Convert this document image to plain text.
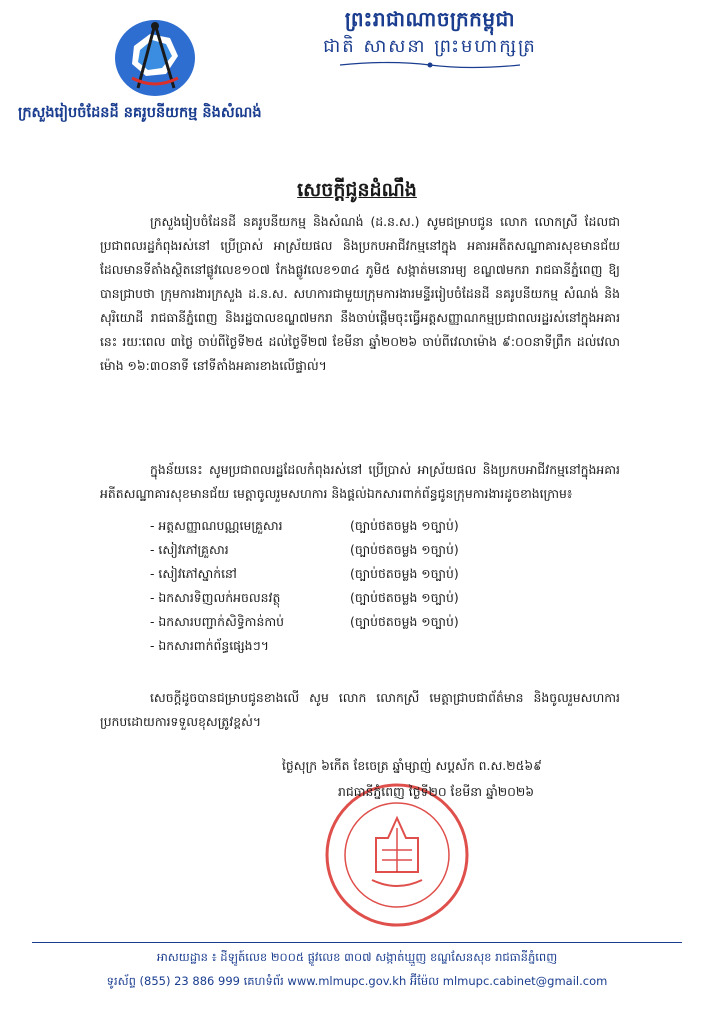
ព្រះរាជាណាចក្រកម្ពុជា
ជាតិ សាសនា ព្រះមហាក្សត្រ
ក្រសួងរៀបចំដែនដី នគរូបនីយកម្ម និងសំណង់
សេចក្តីជូនដំណឹង
ក្រសួងរៀបចំដែនដី នគរូបនីយកម្ម និងសំណង់ (ដ.ន.ស.) សូមជម្រាបជូន លោក លោកស្រី ដែលជាប្រជាពលរដ្ឋកំពុងរស់នៅ ប្រើប្រាស់ អាស្រ័យផល និងប្រកបអាជីវកម្មនៅក្នុង អគារអតីតសណ្ឋាគារសុខមានជ័យ ដែលមានទីតាំងស្ថិតនៅផ្លូវលេខ១០៧ កែងផ្លូវលេខ១៣៤ ភូមិ៥ សង្កាត់មនោរម្យ ខណ្ឌ៧មករា រាជធានីភ្នំពេញ ឱ្យបានជ្រាបថា ក្រុមការងារក្រសួង ដ.ន.ស. សហការជាមួយក្រុមការងារមន្ទីររៀបចំដែនដី នគរូបនីយកម្ម សំណង់ និងសុរិយោដី រាជធានីភ្នំពេញ និងរដ្ឋបាលខណ្ឌ៧មករា នឹងចាប់ផ្តើមចុះធ្វើអត្តសញ្ញាណកម្មប្រជាពលរដ្ឋរស់នៅក្នុងអគារនេះ រយៈពេល ៣ថ្ងៃ ចាប់ពីថ្ងៃទី២៥ ដល់ថ្ងៃទី២៧ ខែមីនា ឆ្នាំ២០២៦ ចាប់ពីវេលាម៉ោង ៩:០០នាទីព្រឹក ដល់វេលាម៉ោង ១៦:៣០នាទី នៅទីតាំងអគារខាងលើផ្ទាល់។
ក្នុងន័យនេះ សូមប្រជាពលរដ្ឋដែលកំពុងរស់នៅ ប្រើប្រាស់ អាស្រ័យផល និងប្រកបអាជីវកម្មនៅក្នុងអគារអតីតសណ្ឋាគារសុខមានជ័យ មេត្តាចូលរួមសហការ និងផ្តល់ឯកសារពាក់ព័ន្ធជូនក្រុមការងារដូចខាងក្រោម៖
- អត្តសញ្ញាណបណ្ណមេគ្រួសារ	(ច្បាប់ថតចម្លង ១ច្បាប់)
- សៀវភៅគ្រួសារ	(ច្បាប់ថតចម្លង ១ច្បាប់)
- សៀវភៅស្នាក់នៅ	(ច្បាប់ថតចម្លង ១ច្បាប់)
- ឯកសារទិញលក់អចលនវត្ថុ	(ច្បាប់ថតចម្លង ១ច្បាប់)
- ឯកសារបញ្ជាក់សិទ្ធិកាន់កាប់	(ច្បាប់ថតចម្លង ១ច្បាប់)
- ឯកសារពាក់ព័ន្ធផ្សេងៗ។
សេចក្តីដូចបានជម្រាបជូនខាងលើ សូម លោក លោកស្រី មេត្តាជ្រាបជាព័ត៌មាន និងចូលរួមសហការប្រកបដោយការទទួលខុសត្រូវខ្ពស់។
ថ្ងៃសុក្រ ៦កើត ខែចេត្រ ឆ្នាំម្សាញ់ សប្តស័ក ព.ស.២៥៦៩
រាជធានីភ្នំពេញ ថ្ងៃទី២០ ខែមីនា ឆ្នាំ២០២៦
អាសយដ្ឋាន ៖ ដីឡូត៍លេខ ២០០៥ ផ្លូវលេខ ៣០៧ សង្កាត់ឃ្មួញ ខណ្ឌសែនសុខ រាជធានីភ្នំពេញ
ទូរស័ព្ទ (855) 23 886 999 គេហទំព័រ www.mlmupc.gov.kh អ៊ីម៉ែល mlmupc.cabinet@gmail.com
